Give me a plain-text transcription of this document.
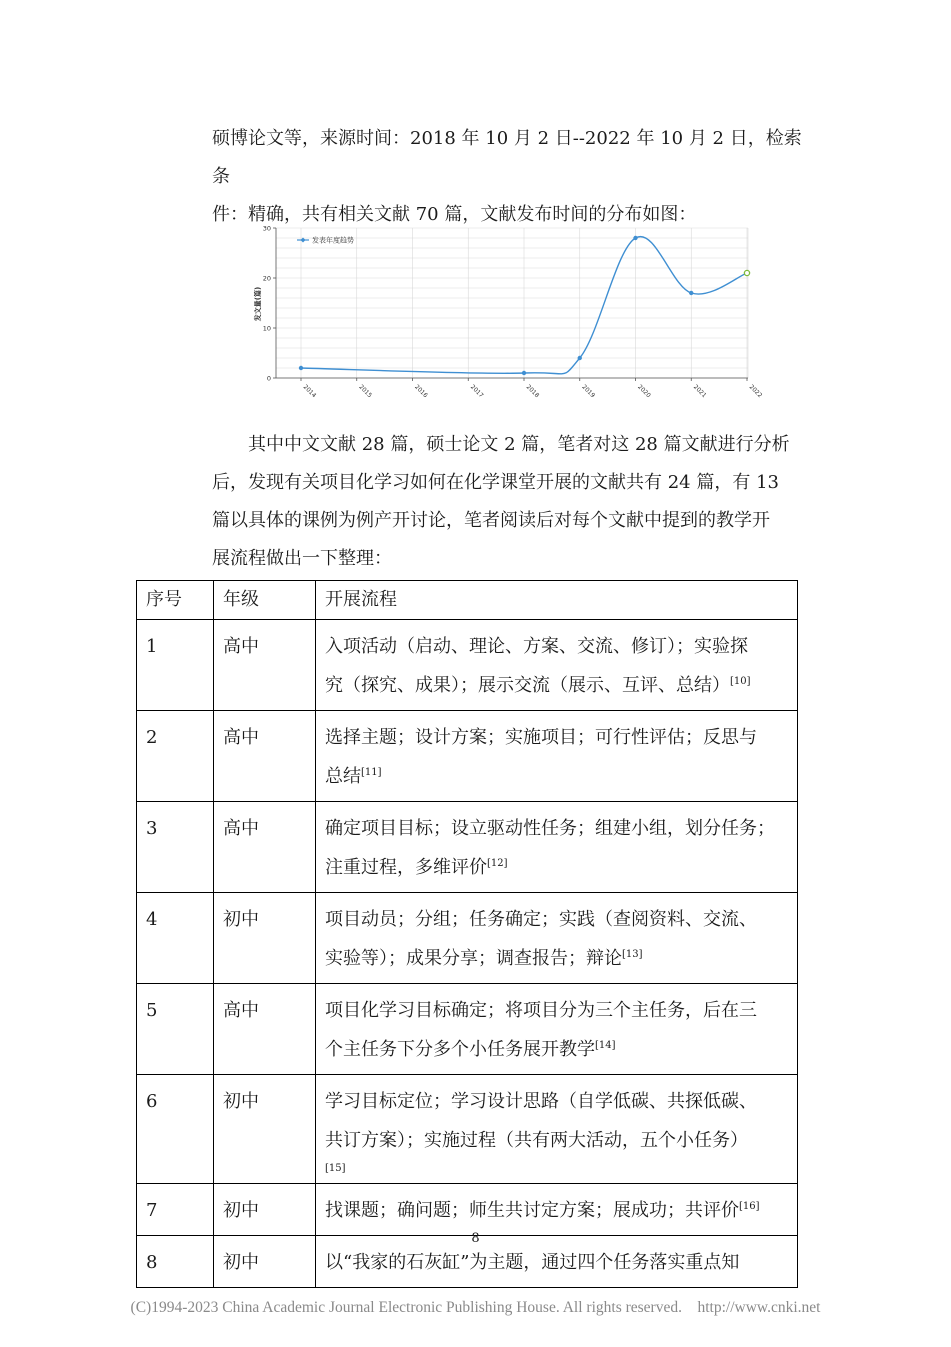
硕博论文等，来源时间：2018 年 10 月 2 日--2022 年 10 月 2 日，检索条

件：精确，共有相关文献 70 篇，文献发布时间的分布如图：

发文量(篇)
0
10
20
30
2014	2015	2016	2017	2018	2019	2020	2021	2022
发表年度趋势

其中中文文献 28 篇，硕士论文 2 篇，笔者对这 28 篇文献进行分析

后，发现有关项目化学习如何在化学课堂开展的文献共有 24 篇，有 13

篇以具体的课例为例产开讨论，笔者阅读后对每个文献中提到的教学开

展流程做出一下整理：

序号	年级	开展流程
1	高中	入项活动（启动、理论、方案、交流、修订）；实验探
究（探究、成果）；展示交流（展示、互评、总结）[10]
2	高中	选择主题；设计方案；实施项目；可行性评估；反思与
总结[11]
3	高中	确定项目目标；设立驱动性任务；组建小组，划分任务；
注重过程，多维评价[12]
4	初中	项目动员；分组；任务确定；实践（查阅资料、交流、
实验等）；成果分享；调查报告；辩论[13]
5	高中	项目化学习目标确定；将项目分为三个主任务，后在三
个主任务下分多个小任务展开教学[14]
6	初中	学习目标定位；学习设计思路（自学低碳、共探低碳、
共订方案）；实施过程（共有两大活动，五个小任务）
[15]

7	初中	找课题；确问题；师生共讨定方案；展成功；共评价[16]
8	初中	以“我家的石灰缸”为主题，通过四个任务落实重点知
8
(C)1994-2023 China Academic Journal Electronic Publishing House. All rights reserved.    http://www.cnki.net
